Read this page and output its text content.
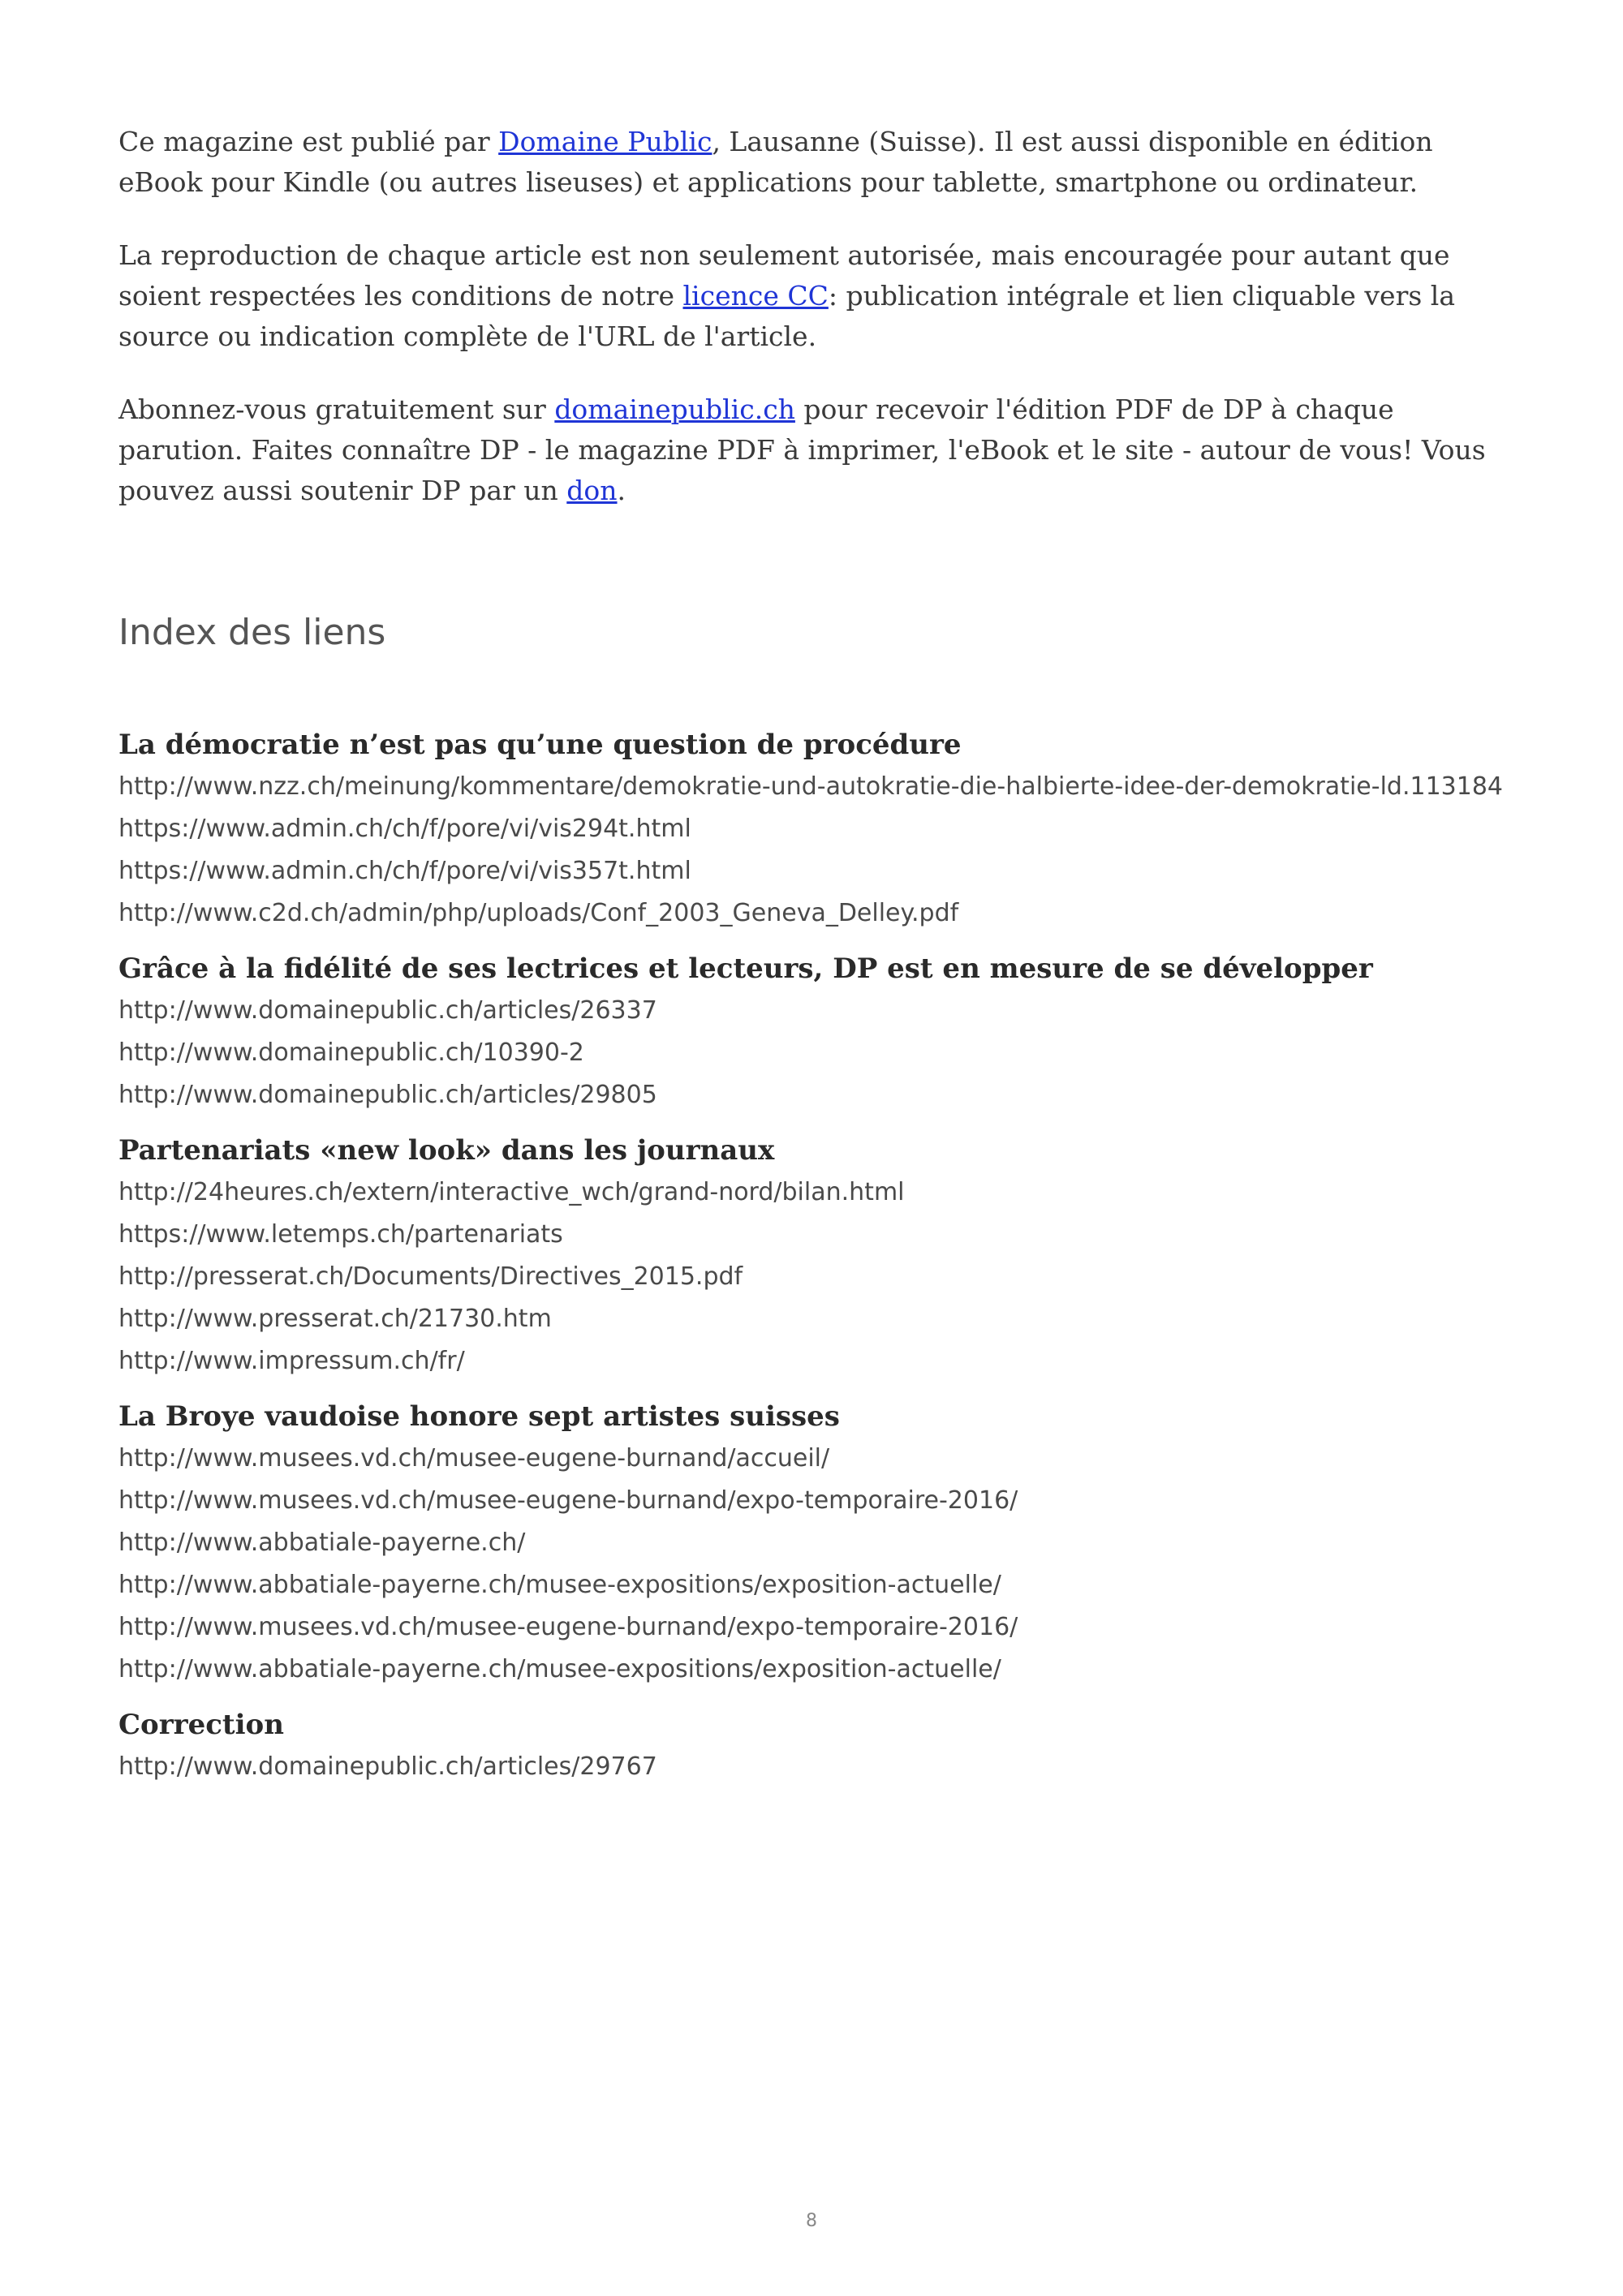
Ce magazine est publié par Domaine Public, Lausanne (Suisse). Il est aussi disponible en édition eBook pour Kindle (ou autres liseuses) et applications pour tablette, smartphone ou ordinateur.

La reproduction de chaque article est non seulement autorisée, mais encouragée pour autant que soient respectées les conditions de notre licence CC: publication intégrale et lien cliquable vers la source ou indication complète de l'URL de l'article.

Abonnez-vous gratuitement sur domainepublic.ch pour recevoir l'édition PDF de DP à chaque parution. Faites connaître DP - le magazine PDF à imprimer, l'eBook et le site - autour de vous! Vous pouvez aussi soutenir DP par un don.

Index des liens

La démocratie n’est pas qu’une question de procédure

http://www.nzz.ch/meinung/kommentare/demokratie-und-autokratie-die-halbierte-idee-der-demokratie-ld.113184

https://www.admin.ch/ch/f/pore/vi/vis294t.html

https://www.admin.ch/ch/f/pore/vi/vis357t.html

http://www.c2d.ch/admin/php/uploads/Conf_2003_Geneva_Delley.pdf

Grâce à la fidélité de ses lectrices et lecteurs, DP est en mesure de se développer

http://www.domainepublic.ch/articles/26337

http://www.domainepublic.ch/10390-2

http://www.domainepublic.ch/articles/29805

Partenariats «new look» dans les journaux

http://24heures.ch/extern/interactive_wch/grand-nord/bilan.html

https://www.letemps.ch/partenariats

http://presserat.ch/Documents/Directives_2015.pdf

http://www.presserat.ch/21730.htm

http://www.impressum.ch/fr/

La Broye vaudoise honore sept artistes suisses

http://www.musees.vd.ch/musee-eugene-burnand/accueil/

http://www.musees.vd.ch/musee-eugene-burnand/expo-temporaire-2016/

http://www.abbatiale-payerne.ch/

http://www.abbatiale-payerne.ch/musee-expositions/exposition-actuelle/

http://www.musees.vd.ch/musee-eugene-burnand/expo-temporaire-2016/

http://www.abbatiale-payerne.ch/musee-expositions/exposition-actuelle/

Correction

http://www.domainepublic.ch/articles/29767

8
